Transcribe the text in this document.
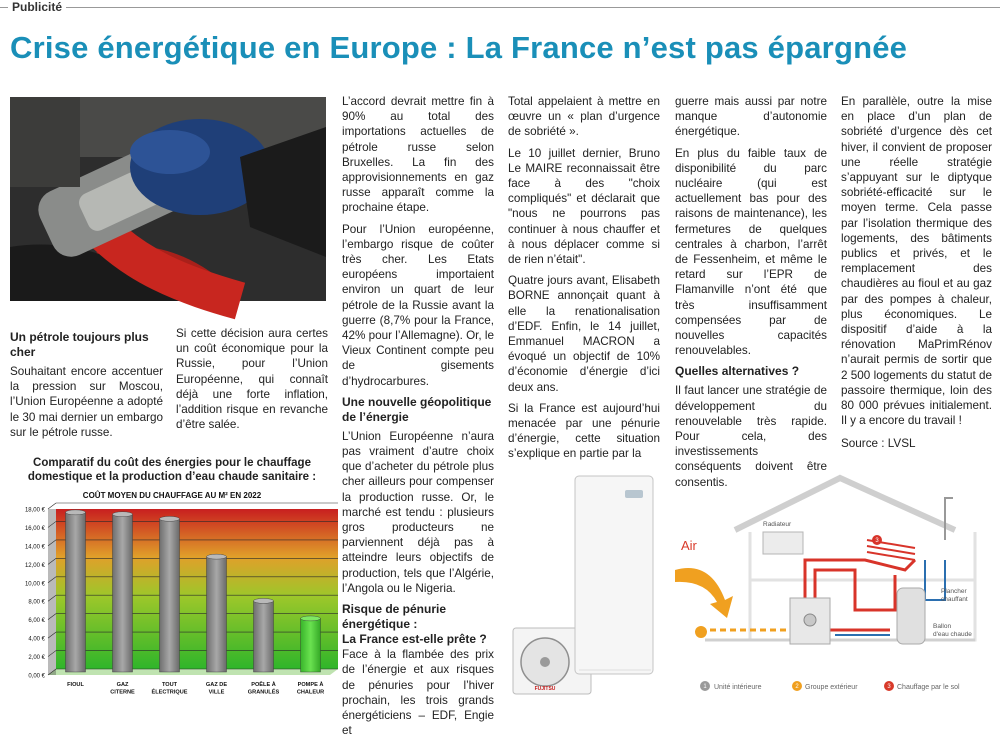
Publicité
Crise énergétique en Europe : La France n’est pas épargnée
Un pétrole toujours plus cher

Souhaitant encore accentuer la pression sur Moscou, l’Union Européenne a adopté le 30 mai dernier un embargo sur le pétrole russe.

Si cette décision aura certes un coût économique pour la Russie, pour l’Union Européenne, qui connaît déjà une forte inflation, l’addition risque en revanche d’être salée.

L’accord devrait mettre fin à 90% au total des importations actuelles de pétrole russe selon Bruxelles. La fin des approvisionnements en gaz russe apparaît comme la prochaine étape.

Pour l’Union européenne, l’embargo risque de coûter très cher. Les Etats européens importaient environ un quart de leur pétrole de la Russie avant la guerre (8,7% pour la France, 42% pour l’Allemagne). Or, le Vieux Continent compte peu de gisements d’hydrocarbures.

Une nouvelle géopolitique de l’énergie

L’Union Européenne n’aura pas vraiment d’autre choix que d’acheter du pétrole plus cher ailleurs pour compenser la production russe. Or, le marché est tendu : plusieurs gros producteurs ne parviennent déjà pas à atteindre leurs objectifs de production, tels que l’Algérie, l’Angola ou le Nigeria.

Risque de pénurie énergétique :
La France est-elle prête ?

Face à la flambée des prix de l’énergie et aux risques de pénuries pour l’hiver prochain, les trois grands énergéticiens – EDF, Engie et

Total appelaient à mettre en œuvre un « plan d’urgence de sobriété ».

Le 10 juillet dernier, Bruno Le MAIRE reconnaissait être face à des "choix compliqués" et déclarait que "nous ne pourrons pas continuer à nous chauffer et à nous déplacer comme si de rien n’était".

Quatre jours avant, Elisabeth BORNE annonçait quant à elle la renationalisation d’EDF. Enfin, le 14 juillet, Emmanuel MACRON a évoqué un objectif de 10% d’économie d’énergie d’ici deux ans.

Si la France est aujourd’hui menacée par une pénurie d’énergie, cette situation s’explique en partie par la

guerre mais aussi par notre manque d’autonomie énergétique.

En plus du faible taux de disponibilité du parc nucléaire (qui est actuellement bas pour des raisons de maintenance), les fermetures de quelques centrales à charbon, l’arrêt de Fessenheim, et même le retard sur l’EPR de Flamanville n’ont été que très insuffisamment compensées par de nouvelles capacités renouvelables.

Quelles alternatives ?

Il faut lancer une stratégie de développement du renouvelable très rapide. Pour cela, des investissements conséquents doivent être consentis.

En parallèle, outre la mise en place d’un plan de sobriété d’urgence dès cet hiver, il convient de proposer une réelle stratégie s’appuyant sur le diptyque sobriété-efficacité sur le moyen terme. Cela passe par l’isolation thermique des logements, des bâtiments publics et privés, et le remplacement des chaudières au fioul et au gaz par des pompes à chaleur, plus économiques. Le dispositif d’aide à la rénovation MaPrimRénov n’aurait permis de sortir que 2 500 logements du statut de passoire thermique, loin des 80 000 prévues initialement. Il y a encore du travail !

Source : LVSL

Comparatif du coût des énergies pour le chauffage
domestique et la production d’eau chaude sanitaire :
COÛT MOYEN DU CHAUFFAGE AU M² EN 2022
0,00 €
2,00 €
4,00 €
6,00 €
8,00 €
10,00 €
12,00 €
14,00 €
16,00 €
18,00 €
FIOUL	GAZ
CITERNE
TOUT
ÉLECTRIQUE
GAZ DE
VILLE
POÊLE À
GRANULÉS
POMPE À
CHALEUR
FUJITSU
Air
Radiateur
3
Plancher
chauffant
Ballon
d'eau chaude
1 Unité intérieure	2 Groupe extérieur	3 Chauffage par le sol
